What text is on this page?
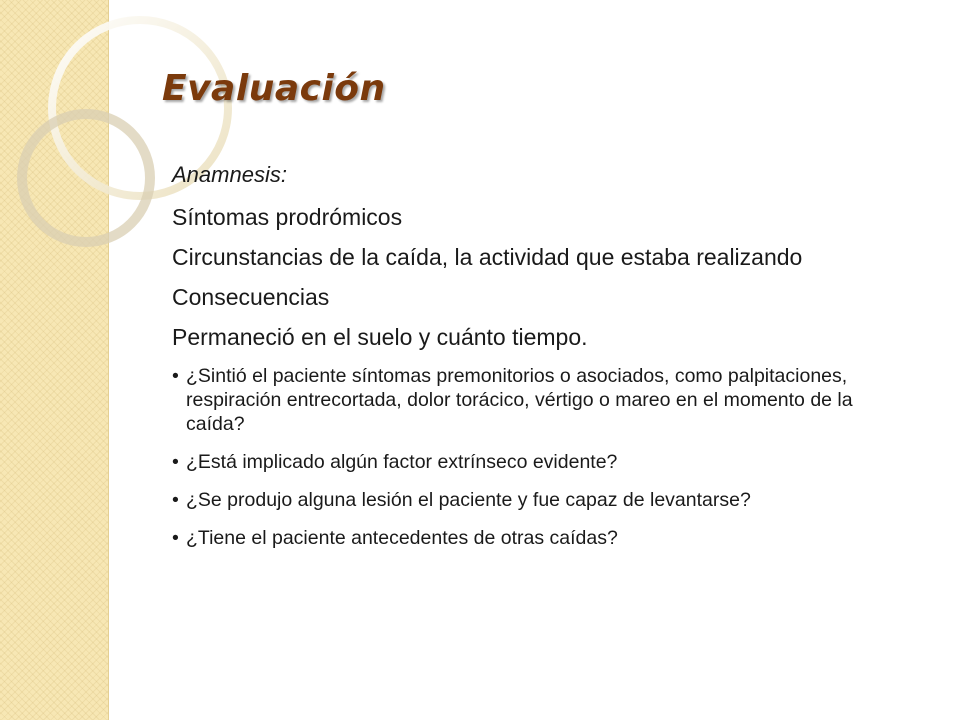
Evaluación

Anamnesis:

Síntomas prodrómicos

Circunstancias de la caída, la actividad que estaba realizando

Consecuencias

Permaneció en el suelo y cuánto tiempo.

• ¿Sintió el paciente síntomas premonitorios o asociados, como palpitaciones, respiración entrecortada, dolor torácico, vértigo o mareo en el momento de la caída?
• ¿Está implicado algún factor extrínseco evidente?
• ¿Se produjo alguna lesión el paciente y fue capaz de levantarse?
• ¿Tiene el paciente antecedentes de otras caídas?
